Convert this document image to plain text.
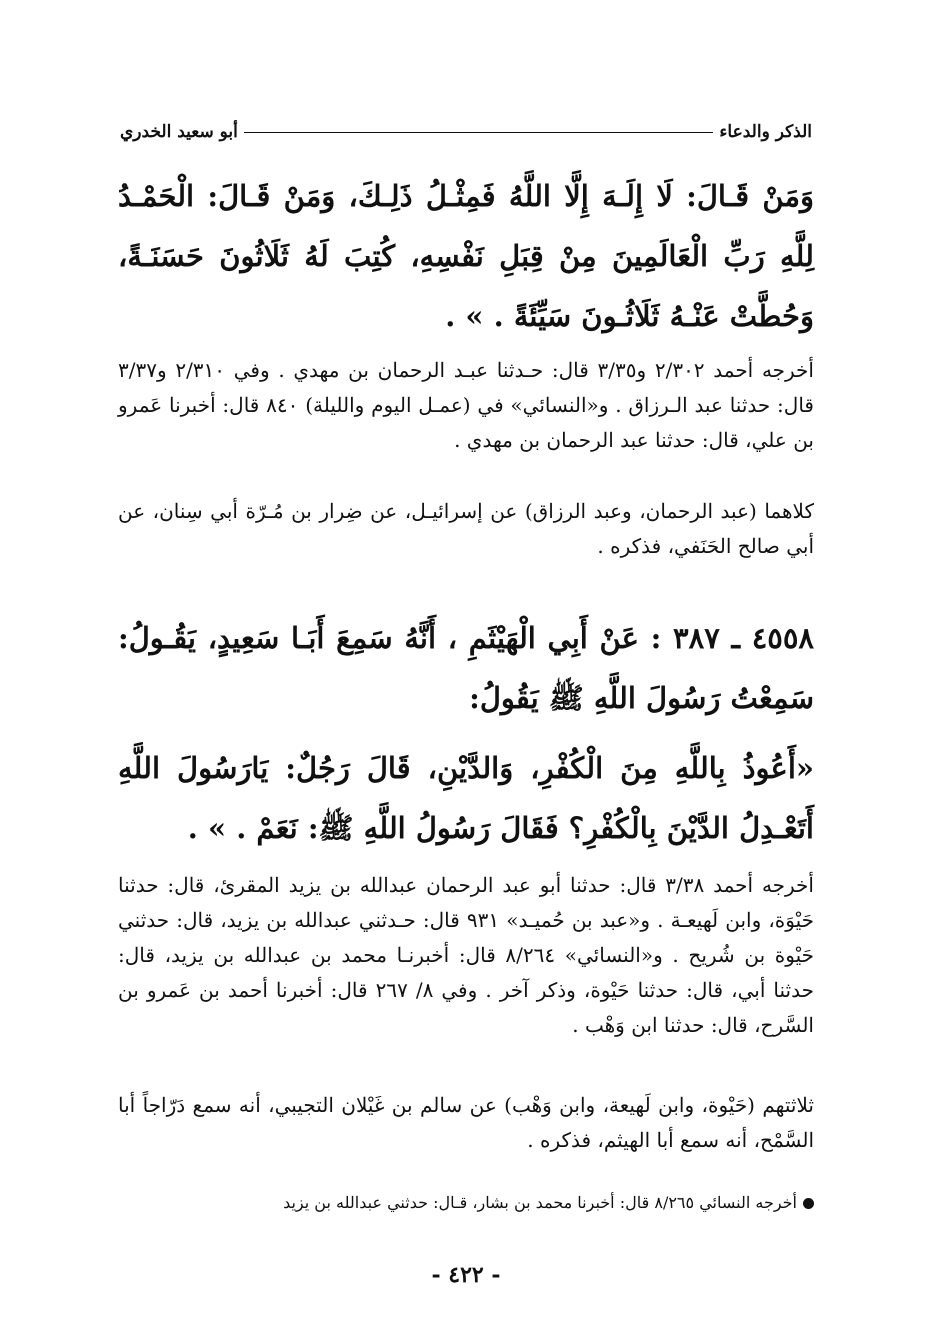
الذكر والدعاء
أبو سعيد الخدري
وَمَنْ قَـالَ: لَا إِلَـهَ إِلَّا اللَّهُ فَمِثْـلُ ذَلِـكَ، وَمَنْ قَـالَ: الْحَمْـدُ لِلَّهِ رَبِّ الْعَالَمِينَ مِنْ قِبَلِ نَفْسِهِ، كُتِبَ لَهُ ثَلَاثُونَ حَسَنَـةً، وَحُطَّتْ عَنْـهُ ثَلَاثُـونَ سَيِّئَةً . » .
أخرجه أحمد ٢/٣٠٢ و٣/٣٥ قال: حـدثنا عبـد الرحمان بن مهدي . وفي ٢/٣١٠ و٣/٣٧ قال: حدثنا عبد الـرزاق . و«النسائي» في (عمـل اليوم والليلة) ٨٤٠ قال: أخبرنا عَمرو بن علي، قال: حدثنا عبد الرحمان بن مهدي .
كلاهما (عبد الرحمان، وعبد الرزاق) عن إسرائيـل، عن ضِرار بن مُـرّة أبي سِنان، عن أبي صالح الحَنَفي، فذكره .
٤٥٥٨ ـ ٣٨٧ : عَنْ أَبِي الْهَيْثَمِ ، أَنَّهُ سَمِعَ أَبَـا سَعِيدٍ، يَقُـولُ: سَمِعْتُ رَسُولَ اللَّهِ ﷺ يَقُولُ:
«أَعُوذُ بِاللَّهِ مِنَ الْكُفْرِ، وَالدَّيْنِ، قَالَ رَجُلٌ: يَارَسُولَ اللَّهِ أَتَعْـدِلُ الدَّيْنَ بِالْكُفْرِ؟ فَقَالَ رَسُولُ اللَّهِ ﷺ: نَعَمْ . » .
أخرجه أحمد ٣/٣٨ قال: حدثنا أبو عبد الرحمان عبدالله بن يزيد المقرئ، قال: حدثنا حَيْوَة، وابن لَهيعـة . و«عبد بن حُميـد» ٩٣١ قال: حـدثني عبدالله بن يزيد، قال: حدثني حَيْوة بن شُريح . و«النسائي» ٨/٢٦٤ قال: أخبرنـا محمد بن عبدالله بن يزيد، قال: حدثنا أبي، قال: حدثنا حَيْوة، وذكر آخر . وفي ٨/ ٢٦٧ قال: أخبرنا أحمد بن عَمرو بن السَّرح، قال: حدثنا ابن وَهْب .
ثلاثتهم (حَيْوة، وابن لَهيعة، وابن وَهْب) عن سالم بن غَيْلان التجيبي، أنه سمع دَرّاجاً أبا السَّمْح، أنه سمع أبا الهيثم، فذكره .
أخرجه النسائي ٨/٢٦٥ قال: أخبرنا محمد بن بشار، قـال: حدثني عبدالله بن يزيد
- ٤٢٢ -
